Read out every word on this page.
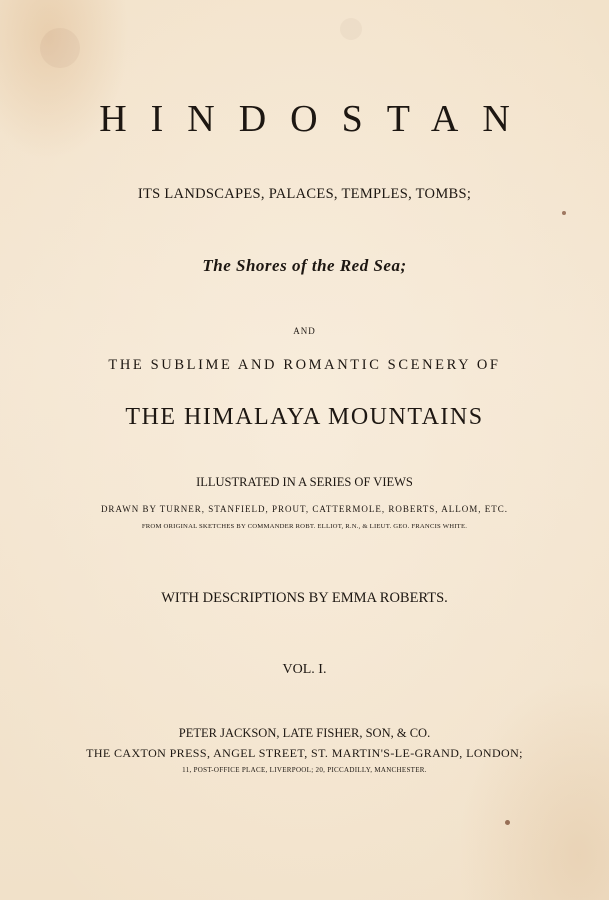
HINDOSTAN

ITS LANDSCAPES, PALACES, TEMPLES, TOMBS;

The Shores of the Red Sea;

AND

THE SUBLIME AND ROMANTIC SCENERY OF

THE HIMALAYA MOUNTAINS

ILLUSTRATED IN A SERIES OF VIEWS

DRAWN BY TURNER, STANFIELD, PROUT, CATTERMOLE, ROBERTS, ALLOM, ETC.

FROM ORIGINAL SKETCHES BY COMMANDER ROBT. ELLIOT, R.N., & LIEUT. GEO. FRANCIS WHITE.

WITH DESCRIPTIONS BY EMMA ROBERTS.

VOL. I.

PETER JACKSON, LATE FISHER, SON, & CO.

THE CAXTON PRESS, ANGEL STREET, ST. MARTIN'S-LE-GRAND, LONDON;

11, POST-OFFICE PLACE, LIVERPOOL; 20, PICCADILLY, MANCHESTER.
